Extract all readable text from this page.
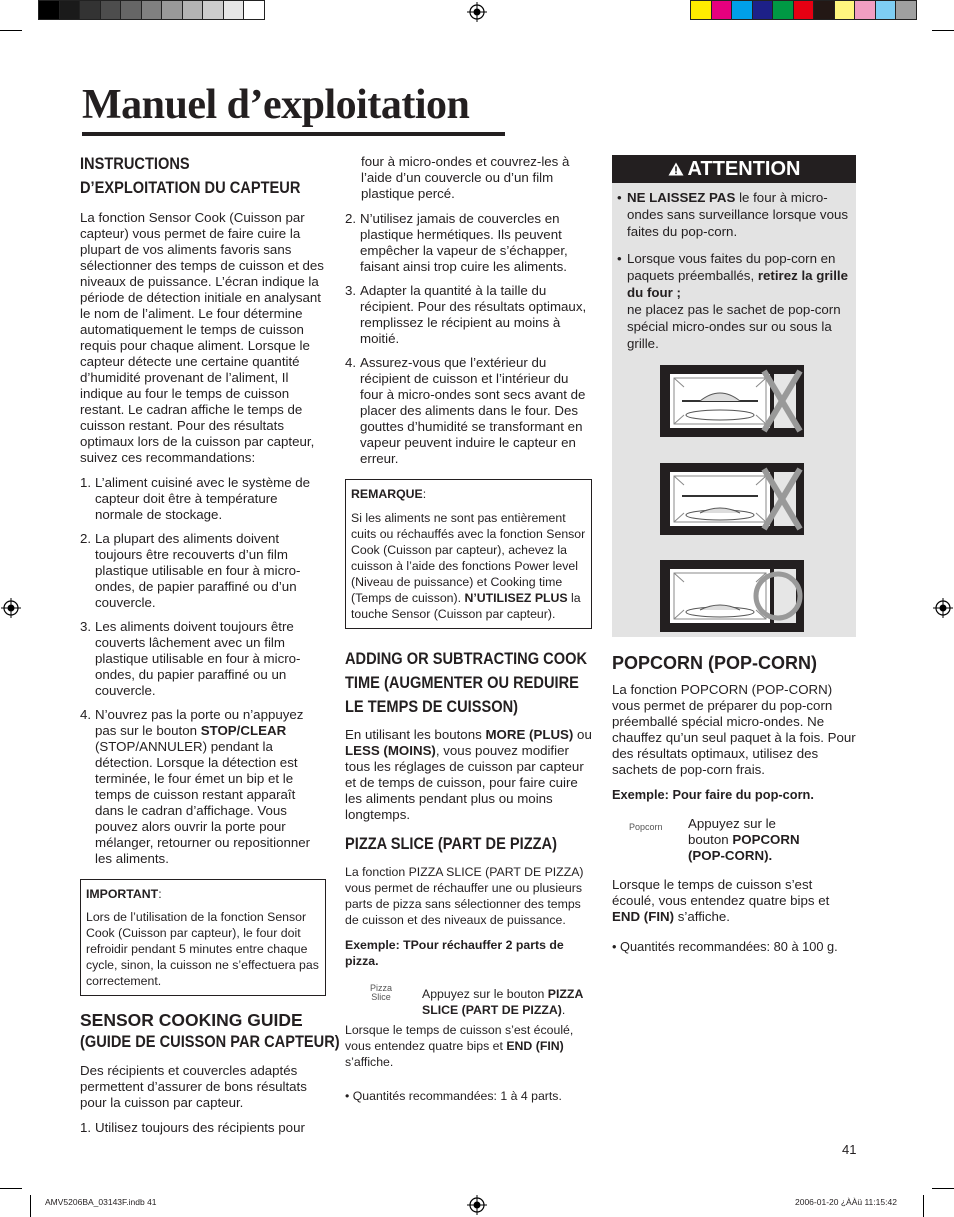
Manuel d’exploitation
INSTRUCTIONS
D’EXPLOITATION DU CAPTEUR

La fonction Sensor Cook (Cuisson par capteur) vous permet de faire cuire la plupart de vos aliments favoris sans sélectionner des temps de cuisson et des niveaux de puissance. L’écran indique la période de détection initiale en analysant le nom de l’aliment. Le four détermine automatiquement le temps de cuisson requis pour chaque aliment. Lorsque le capteur détecte une certaine quantité d’humidité provenant de l’aliment, Il indique au four le temps de cuisson restant. Le cadran affiche le temps de cuisson restant. Pour des résultats optimaux lors de la cuisson par capteur, suivez ces recommandations:

1. L’aliment cuisiné avec le système de capteur doit être à température normale de stockage.
2. La plupart des aliments doivent toujours être recouverts d’un film plastique utilisable en four à micro-ondes, de papier paraffiné ou d’un couvercle.
3. Les aliments doivent toujours être couverts lâchement avec un film plastique utilisable en four à micro-ondes, du papier paraffiné ou un couvercle.
4. N’ouvrez pas la porte ou n’appuyez pas sur le bouton STOP/CLEAR (STOP/ANNULER) pendant la détection. Lorsque la détection est terminée, le four émet un bip et le temps de cuisson restant apparaît dans le cadran d’affichage. Vous pouvez alors ouvrir la porte pour mélanger, retourner ou repositionner les aliments.
IMPORTANT:
Lors de l’utilisation de la fonction Sensor Cook (Cuisson par capteur), le four doit refroidir pendant 5 minutes entre chaque cycle, sinon, la cuisson ne s’effectuera pas correctement.
SENSOR COOKING GUIDE
(GUIDE DE CUISSON PAR CAPTEUR)

Des récipients et couvercles adaptés permettent d’assurer de bons résultats pour la cuisson par capteur.

1. Utilisez toujours des récipients pour

four à micro-ondes et couvrez-les à l’aide d’un couvercle ou d’un film plastique percé.

2. N’utilisez jamais de couvercles en plastique hermétiques. Ils peuvent empêcher la vapeur de s’échapper, faisant ainsi trop cuire les aliments.
3. Adapter la quantité à la taille du récipient. Pour des résultats optimaux, remplissez le récipient au moins à moitié.
4. Assurez-vous que l’extérieur du récipient de cuisson et l’intérieur du four à micro-ondes sont secs avant de placer des aliments dans le four. Des gouttes d’humidité se transformant en vapeur peuvent induire le capteur en erreur.
REMARQUE:
Si les aliments ne sont pas entièrement cuits ou réchauffés avec la fonction Sensor Cook (Cuisson par capteur), achevez la cuisson à l’aide des fonctions Power level (Niveau de puissance) et Cooking time (Temps de cuisson). N’UTILISEZ PLUS la touche Sensor (Cuisson par capteur).
ADDING OR SUBTRACTING COOK TIME (AUGMENTER OU REDUIRE LE TEMPS DE CUISSON)

En utilisant les boutons MORE (PLUS) ou LESS (MOINS), vous pouvez modifier tous les réglages de cuisson par capteur et de temps de cuisson, pour faire cuire les aliments pendant plus ou moins longtemps.

PIZZA SLICE (PART DE PIZZA)

La fonction PIZZA SLICE (PART DE PIZZA) vous permet de réchauffer une ou plusieurs parts de pizza sans sélectionner des temps de cuisson et des niveaux de puissance.

Exemple: TPour réchauffer 2 parts de pizza.

Pizza
Slice	Appuyez sur le bouton PIZZA SLICE (PART DE PIZZA).

Lorsque le temps de cuisson s’est écoulé, vous entendez quatre bips et END (FIN) s’affiche.

• Quantités recommandées: 1 à 4 parts.

ATTENTION
• NE LAISSEZ PAS le four à micro-ondes sans surveillance lorsque vous faites du pop-corn.
• Lorsque vous faites du pop-corn en paquets préemballés, retirez la grille du four ;
ne placez pas le sachet de pop-corn spécial micro-ondes sur ou sous la grille.
POPCORN (POP-CORN)

La fonction POPCORN (POP-CORN) vous permet de préparer du pop-corn préemballé spécial micro-ondes. Ne chauffez qu’un seul paquet à la fois. Pour des résultats optimaux, utilisez des sachets de pop-corn frais.

Exemple: Pour faire du pop-corn.

Popcorn Appuyez sur le bouton POPCORN (POP-CORN).

Lorsque le temps de cuisson s’est écoulé, vous entendez quatre bips et END (FIN) s’affiche.

• Quantités recommandées: 80 à 100 g.

41
AMV5206BA_03143F.indb 41	2006-01-20 ¿ÀÀü 11:15:42
